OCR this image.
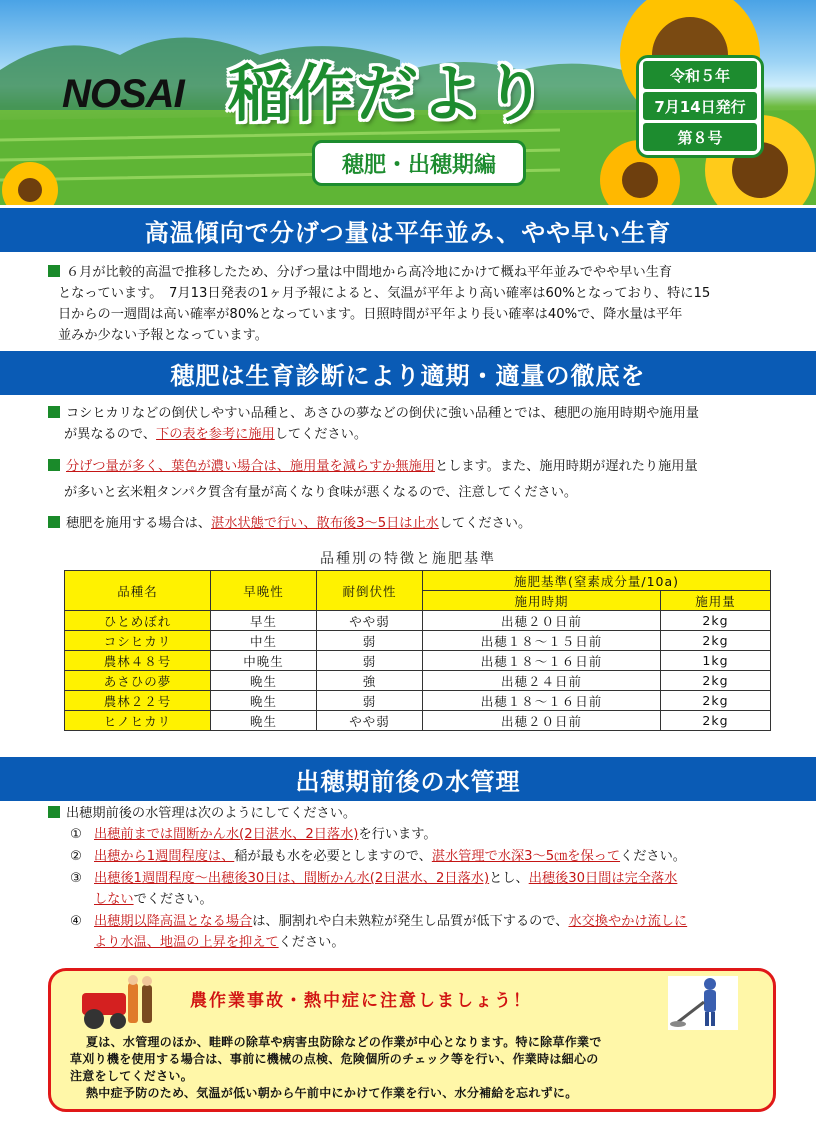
NOSAI 稲作だより
穂肥・出穂期編
令和５年
7月14日発行
第８号
高温傾向で分げつ量は平年並み、やや早い生育
６月が比較的高温で推移したため、分げつ量は中間地から高冷地にかけて概ね平年並みでやや早い生育
となっています。　7月13日発表の1ヶ月予報によると、気温が平年より高い確率は60%となっており、特に15
日からの一週間は高い確率が80%となっています。日照時間が平年より長い確率は40%で、降水量は平年
並みか少ない予報となっています。
穂肥は生育診断により適期・適量の徹底を
コシヒカリなどの倒伏しやすい品種と、あさひの夢などの倒伏に強い品種とでは、穂肥の施用時期や施用量
が異なるので、下の表を参考に施用してください。
分げつ量が多く、葉色が濃い場合は、施用量を減らすか無施用とします。また、施用時期が遅れたり施用量
が多いと玄米粗タンパク質含有量が高くなり食味が悪くなるので、注意してください。
穂肥を施用する場合は、湛水状態で行い、散布後3～5日は止水してください。
品種別の特徴と施肥基準
品種名	早晩性	耐倒伏性	施肥基準(窒素成分量/10a)	
			施用時期	施用量
ひとめぼれ	早生	やや弱	出穂２０日前	2kg
コシヒカリ	中生	弱	出穂１８～１５日前	2kg
農林４８号	中晩生	弱	出穂１８～１６日前	1kg
あさひの夢	晩生	強	出穂２４日前	2kg
農林２２号	晩生	弱	出穂１８～１６日前	2kg
ヒノヒカリ	晩生	やや弱	出穂２０日前	2kg
出穂期前後の水管理
出穂期前後の水管理は次のようにしてください。
① 出穂前までは間断かん水(2日湛水、2日落水)を行います。
② 出穂から1週間程度は、稲が最も水を必要としますので、湛水管理で水深3～5㎝を保ってください。
③ 出穂後1週間程度～出穂後30日は、間断かん水(2日湛水、2日落水)とし、出穂後30日間は完全落水
しないでください。
④ 出穂期以降高温となる場合は、胴割れや白未熟粒が発生し品質が低下するので、水交換やかけ流しに
より水温、地温の上昇を抑えてください。
農作業事故・熱中症に注意しましょう！
夏は、水管理のほか、畦畔の除草や病害虫防除などの作業が中心となります。特に除草作業で
草刈り機を使用する場合は、事前に機械の点検、危険個所のチェック等を行い、作業時は細心の
注意をしてください。
熱中症予防のため、気温が低い朝から午前中にかけて作業を行い、水分補給を忘れずに。
